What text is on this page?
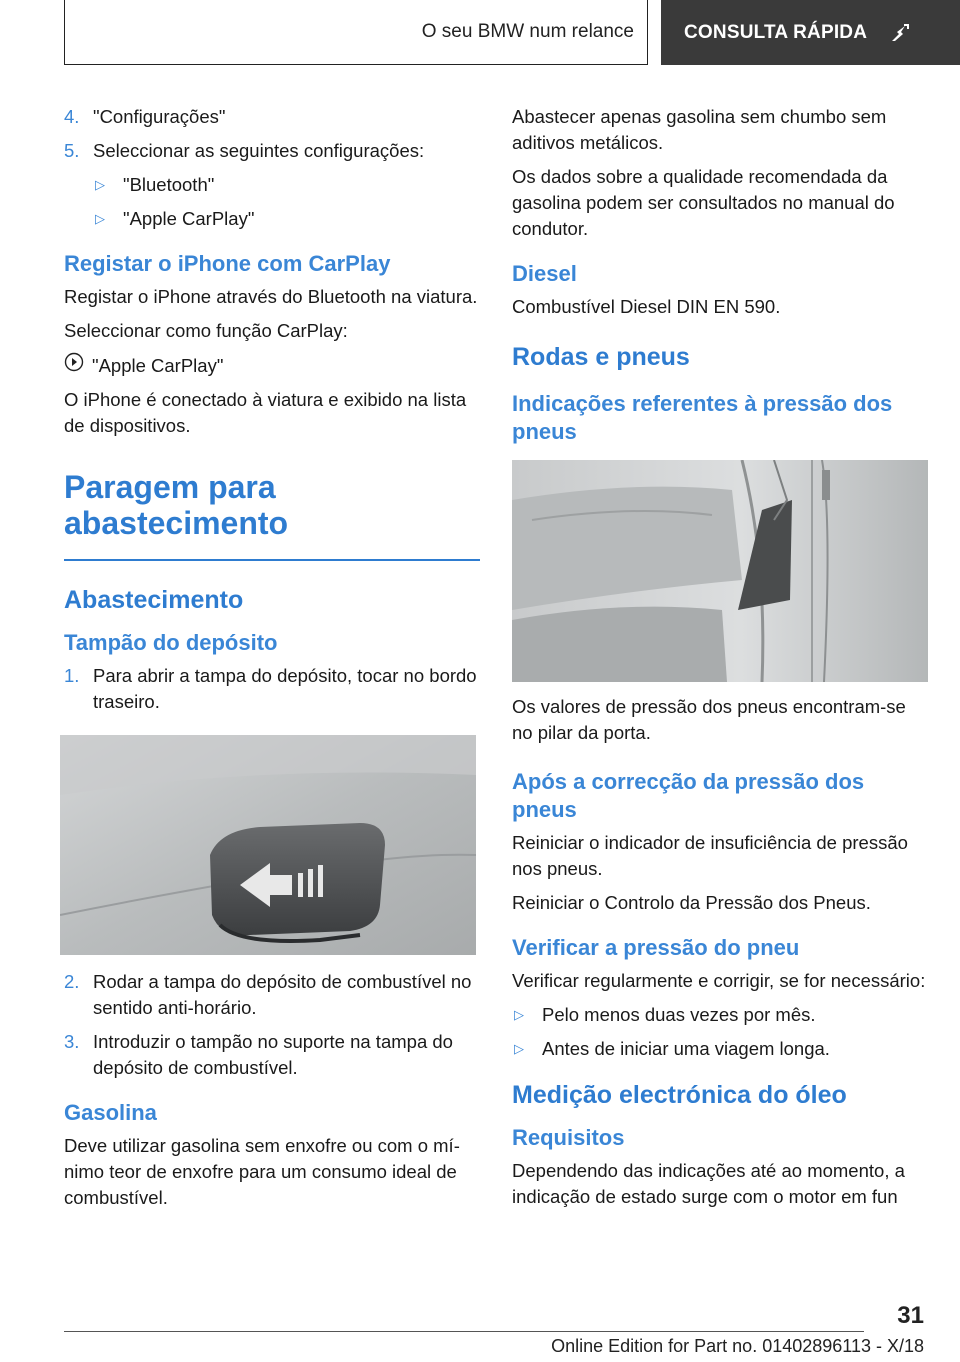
O seu BMW num relance	CONSULTA RÁPIDA
4. "Configurações"
5. Seleccionar as seguintes configurações:
▷ "Bluetooth"
▷ "Apple CarPlay"
Registar o iPhone com CarPlay

Registar o iPhone através do Bluetooth na viatura.

Seleccionar como função CarPlay:

"Apple CarPlay"

O iPhone é conectado à viatura e exibido na lista de dispositivos.

Paragem para abastecimento
Abastecimento
Tampão do depósito
1. Para abrir a tampa do depósito, tocar no bordo traseiro.
2. Rodar a tampa do depósito de combustível no sentido anti-horário.
3. Introduzir o tampão no suporte na tampa do depósito de combustível.
Gasolina

Deve utilizar gasolina sem enxofre ou com o mínimo teor de enxofre para um consumo ideal de combustível.

Abastecer apenas gasolina sem chumbo sem aditivos metálicos.

Os dados sobre a qualidade recomendada da gasolina podem ser consultados no manual do condutor.

Diesel

Combustível Diesel DIN EN 590.

Rodas e pneus
Indicações referentes à pressão dos pneus

Os valores de pressão dos pneus encontram-se no pilar da porta.

Após a correcção da pressão dos pneus

Reiniciar o indicador de insuficiência de pressão nos pneus.

Reiniciar o Controlo da Pressão dos Pneus.

Verificar a pressão do pneu

Verificar regularmente e corrigir, se for necessário:

▷ Pelo menos duas vezes por mês.
▷ Antes de iniciar uma viagem longa.
Medição electrónica do óleo
Requisitos

Dependendo das indicações até ao momento, a indicação de estado surge com o motor em fun

31
Online Edition for Part no. 01402896113 - X/18
